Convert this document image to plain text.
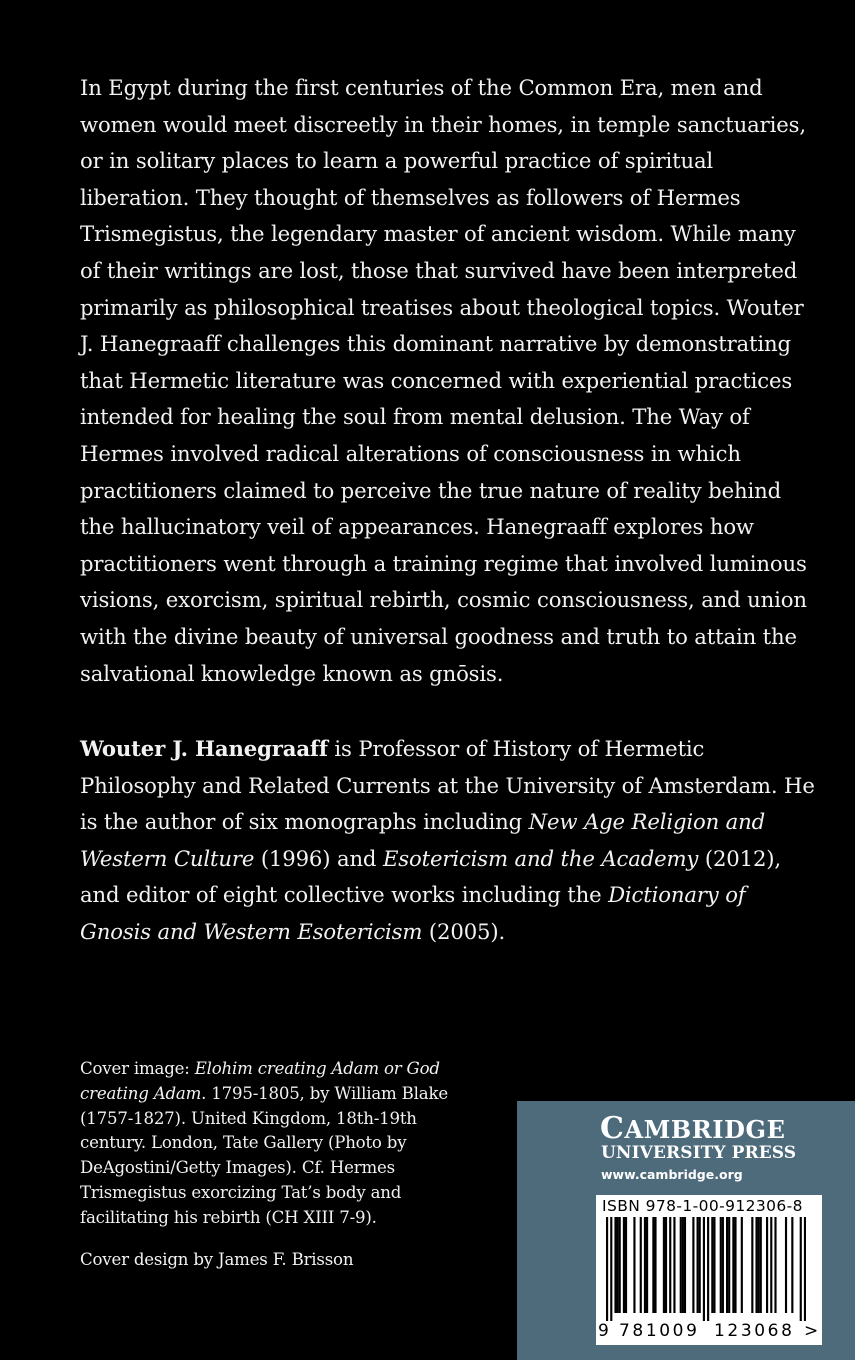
In Egypt during the first centuries of the Common Era, men and women would meet discreetly in their homes, in temple sanctuaries, or in solitary places to learn a powerful practice of spiritual liberation. They thought of themselves as followers of Hermes Trismegistus, the legendary master of ancient wisdom. While many of their writings are lost, those that survived have been interpreted primarily as philosophical treatises about theological topics. Wouter J. Hanegraaff challenges this dominant narrative by demonstrating that Hermetic literature was concerned with experiential practices intended for healing the soul from mental delusion. The Way of Hermes involved radical alterations of consciousness in which practitioners claimed to perceive the true nature of reality behind the hallucinatory veil of appearances. Hanegraaff explores how practitioners went through a training regime that involved luminous visions, exorcism, spiritual rebirth, cosmic consciousness, and union with the divine beauty of universal goodness and truth to attain the salvational knowledge known as gnōsis.

Wouter J. Hanegraaff is Professor of History of Hermetic Philosophy and Related Currents at the University of Amsterdam. He is the author of six monographs including New Age Religion and Western Culture (1996) and Esotericism and the Academy (2012), and editor of eight collective works including the Dictionary of Gnosis and Western Esotericism (2005).

Cover image: Elohim creating Adam or God creating Adam. 1795-1805, by William Blake (1757-1827). United Kingdom, 18th-19th century. London, Tate Gallery (Photo by DeAgostini/Getty Images). Cf. Hermes Trismegistus exorcizing Tat’s body and facilitating his rebirth (CH XIII 7-9).

Cover design by James F. Brisson
CAMBRIDGE
UNIVERSITY PRESS
www.cambridge.org
ISBN 978-1-00-912306-8
9 781009 123068 >
